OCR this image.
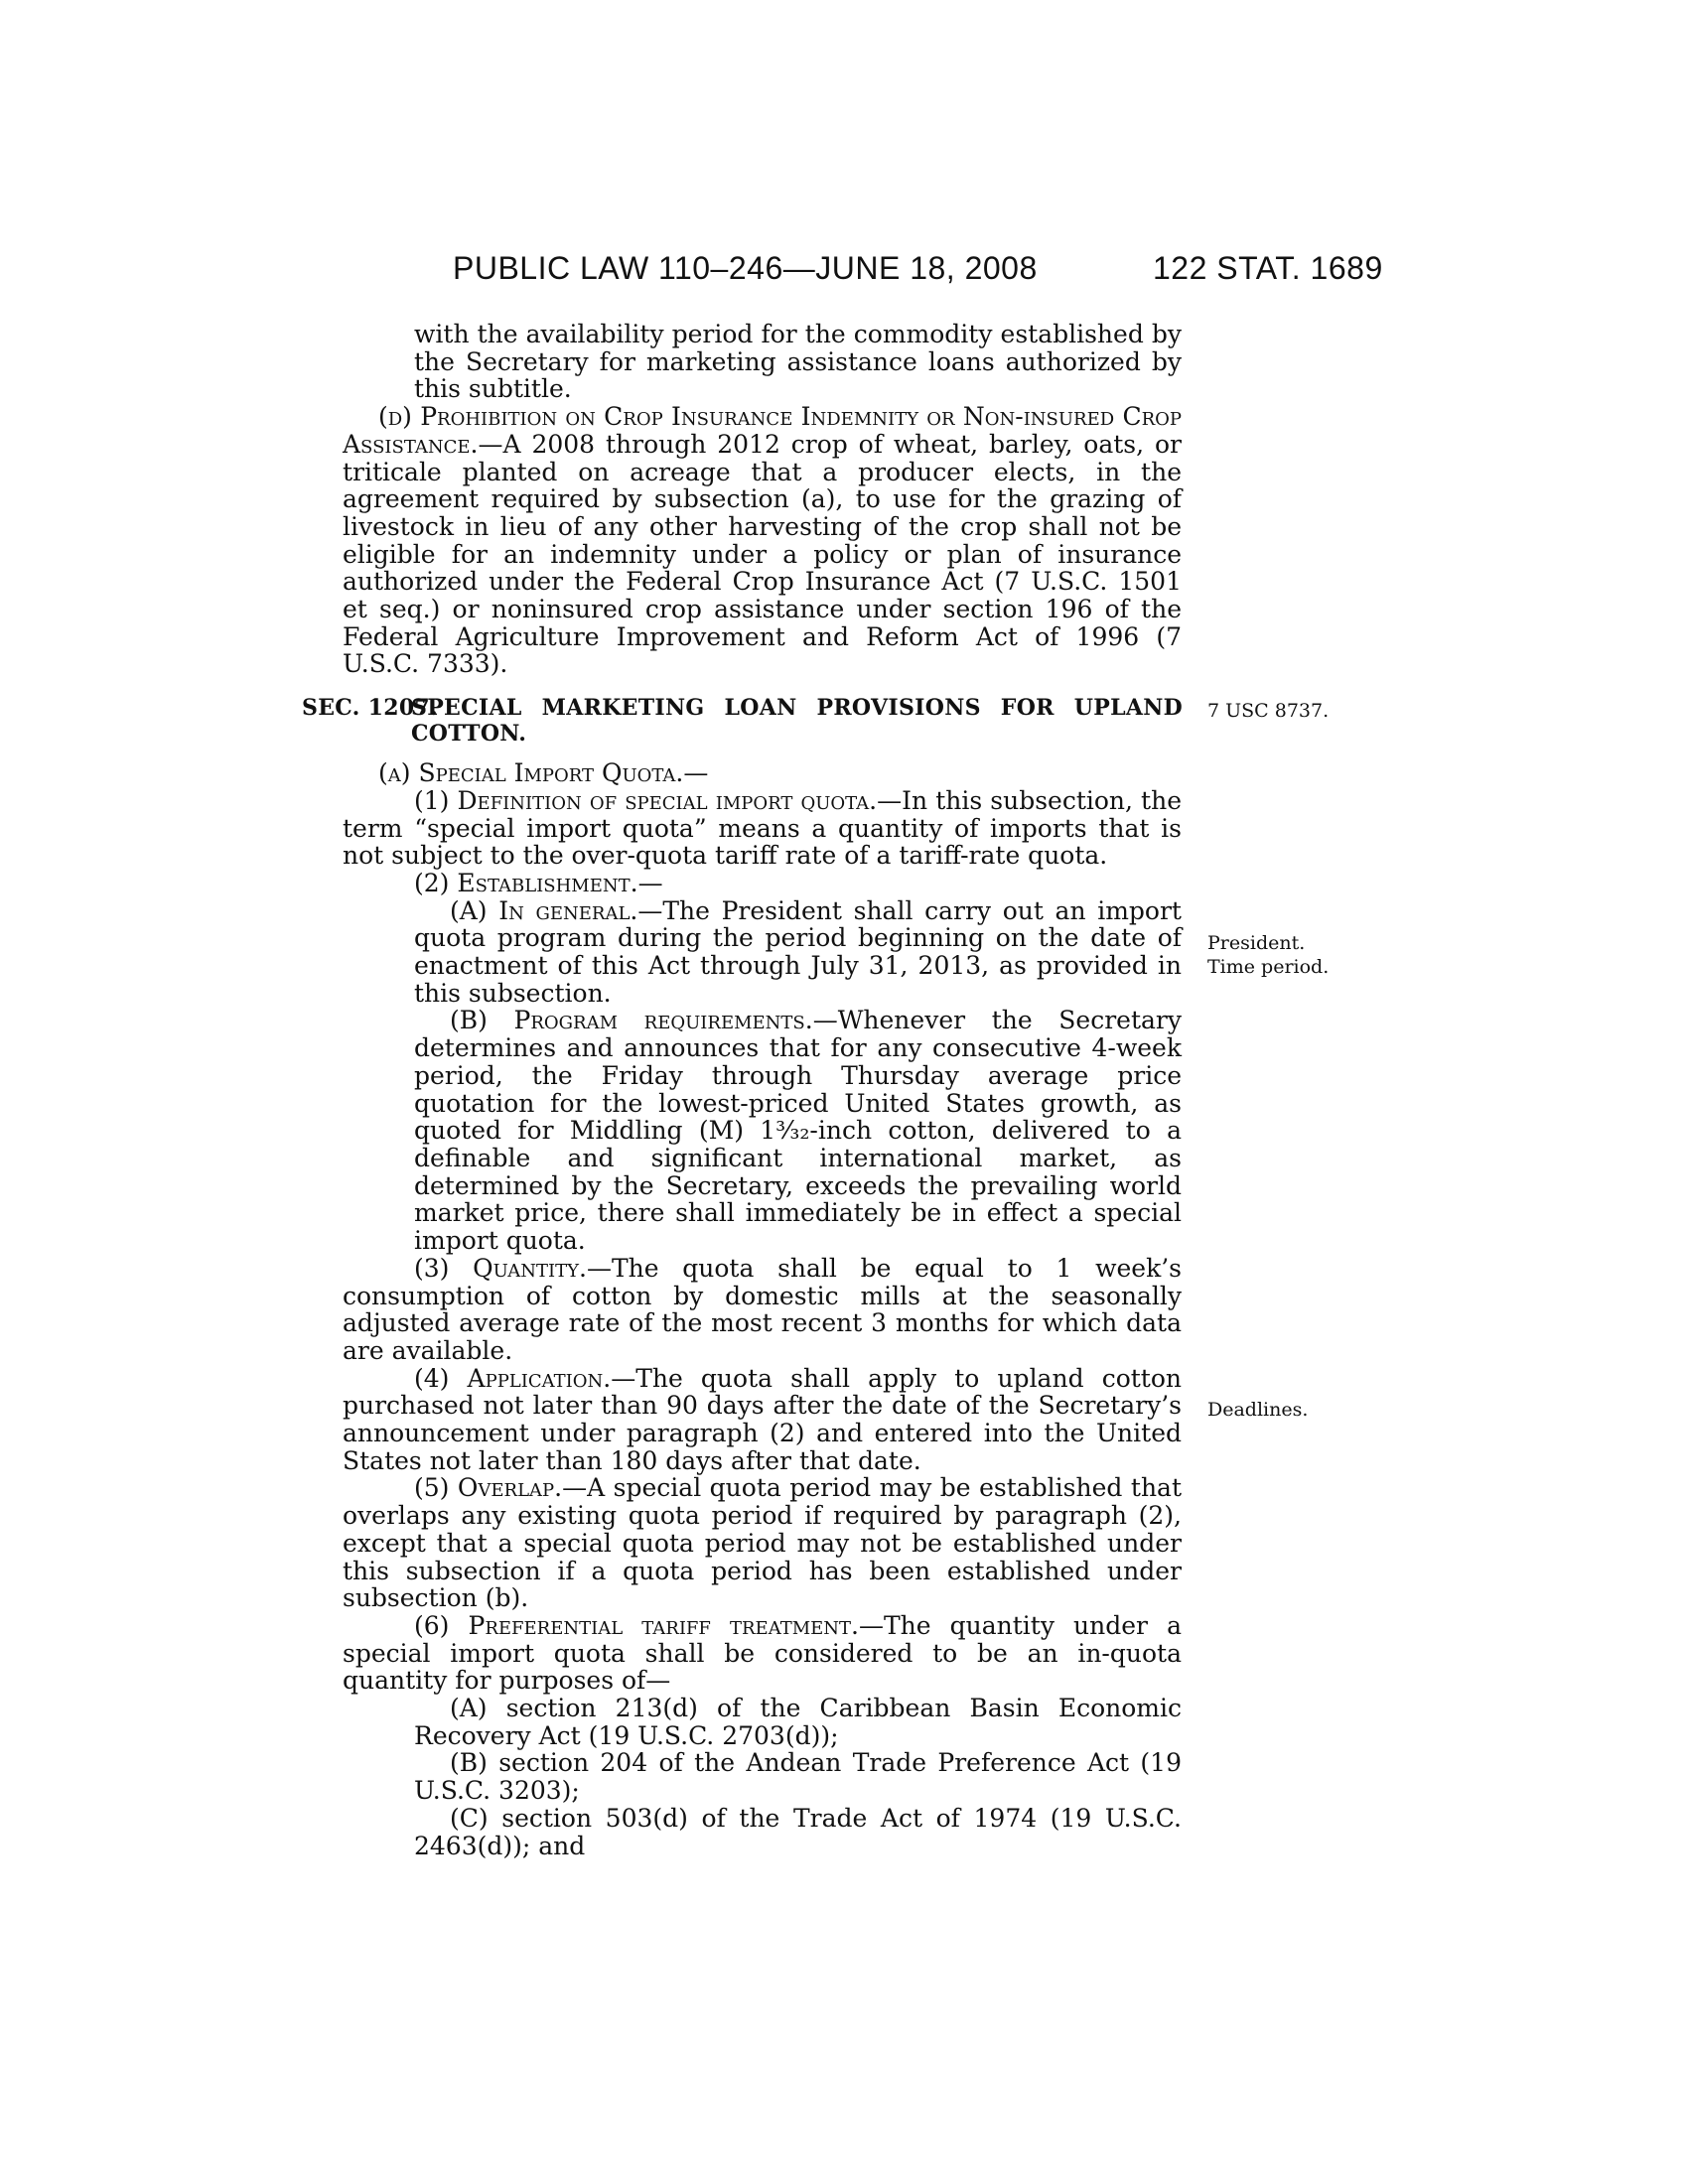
PUBLIC LAW 110–246—JUNE 18, 2008	122 STAT. 1689

with the availability period for the commodity established by the Secretary for marketing assistance loans authorized by this subtitle.

(d) Prohibition on Crop Insurance Indemnity or Non-insured Crop Assistance.—A 2008 through 2012 crop of wheat, barley, oats, or triticale planted on acreage that a producer elects, in the agreement required by subsection (a), to use for the grazing of livestock in lieu of any other harvesting of the crop shall not be eligible for an indemnity under a policy or plan of insurance authorized under the Federal Crop Insurance Act (7 U.S.C. 1501 et seq.) or noninsured crop assistance under section 196 of the Federal Agriculture Improvement and Reform Act of 1996 (7 U.S.C. 7333).

SEC. 1207.
SPECIAL MARKETING LOAN PROVISIONS FOR UPLAND COTTON.

(a) Special Import Quota.—

(1) Definition of special import quota.—In this subsection, the term “special import quota” means a quantity of imports that is not subject to the over-quota tariff rate of a tariff-rate quota.

(2) Establishment.—

(A) In general.—The President shall carry out an import quota program during the period beginning on the date of enactment of this Act through July 31, 2013, as provided in this subsection.

(B) Program requirements.—Whenever the Secretary determines and announces that for any consecutive 4-week period, the Friday through Thursday average price quotation for the lowest-priced United States growth, as quoted for Middling (M) 1³⁄₃₂-inch cotton, delivered to a definable and significant international market, as determined by the Secretary, exceeds the prevailing world market price, there shall immediately be in effect a special import quota.

(3) Quantity.—The quota shall be equal to 1 week’s consumption of cotton by domestic mills at the seasonally adjusted average rate of the most recent 3 months for which data are available.

(4) Application.—The quota shall apply to upland cotton purchased not later than 90 days after the date of the Secretary’s announcement under paragraph (2) and entered into the United States not later than 180 days after that date.

(5) Overlap.—A special quota period may be established that overlaps any existing quota period if required by paragraph (2), except that a special quota period may not be established under this subsection if a quota period has been established under subsection (b).

(6) Preferential tariff treatment.—The quantity under a special import quota shall be considered to be an in-quota quantity for purposes of—

(A) section 213(d) of the Caribbean Basin Economic Recovery Act (19 U.S.C. 2703(d));

(B) section 204 of the Andean Trade Preference Act (19 U.S.C. 3203);

(C) section 503(d) of the Trade Act of 1974 (19 U.S.C. 2463(d)); and

7 USC 8737.
President.
Time period.
Deadlines.
